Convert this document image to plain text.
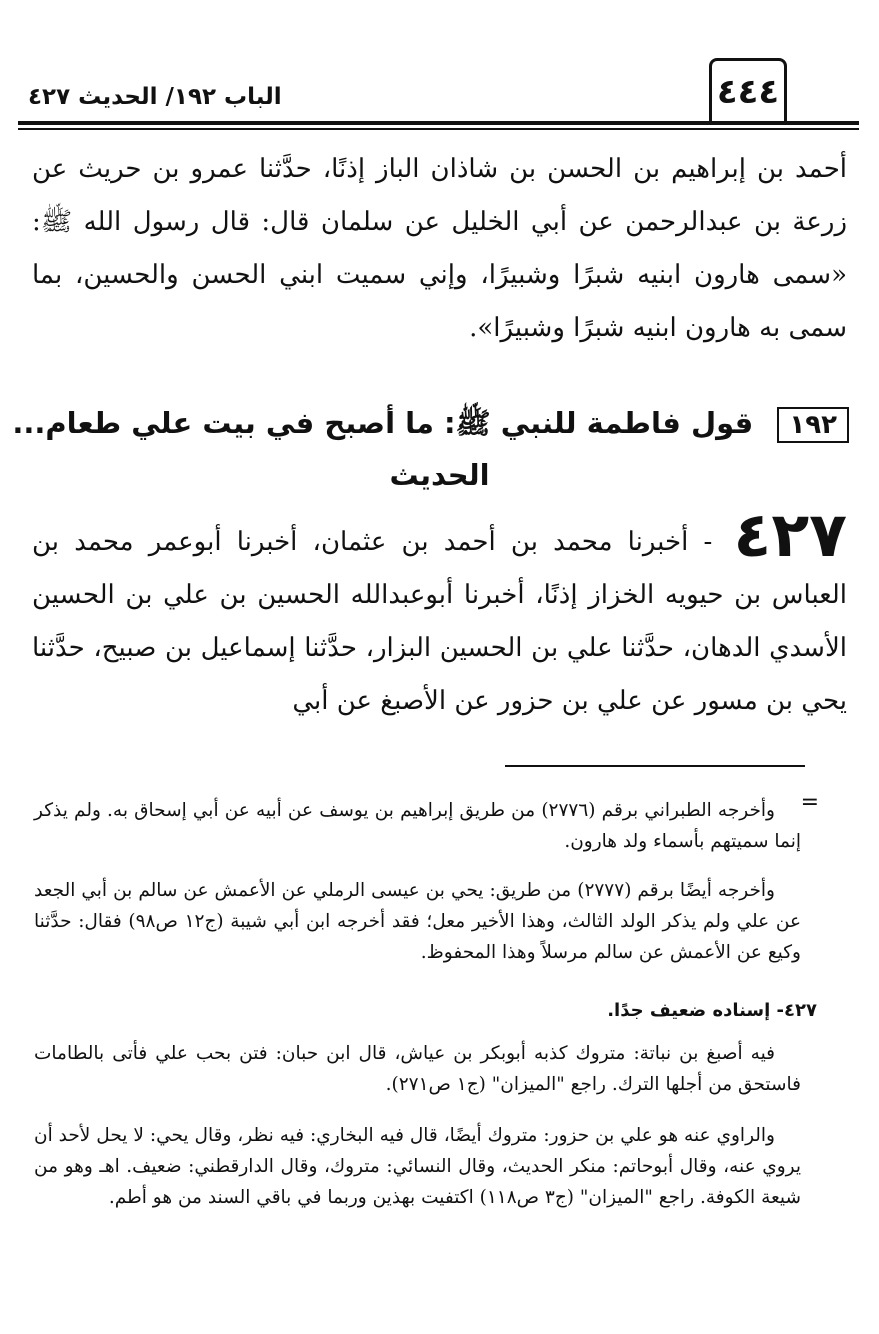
٤٤٤
الباب ١٩٢/ الحديث ٤٢٧
أحمد بن إبراهيم بن الحسن بن شاذان الباز إذنًا، حدَّثنا عمرو بن حريث عن زرعة بن عبدالرحمن عن أبي الخليل عن سلمان قال: قال رسول الله ﷺ: «سمى هارون ابنيه شبرًا وشبيرًا، وإني سميت ابني الحسن والحسين، بما سمى به هارون ابنيه شبرًا وشبيرًا».
١٩٢ قول فاطمة للنبي ﷺ: ما أصبح في بيت علي طعام...
الحديث
٤٢٧ - أخبرنا محمد بن أحمد بن عثمان، أخبرنا أبوعمر محمد بن العباس بن حيويه الخزاز إذنًا، أخبرنا أبوعبدالله الحسين بن علي بن الحسين الأسدي الدهان، حدَّثنا علي بن الحسين البزار، حدَّثنا إسماعيل بن صبيح، حدَّثنا يحي بن مسور عن علي بن حزور عن الأصبغ عن أبي
=
وأخرجه الطبراني برقم (٢٧٧٦) من طريق إبراهيم بن يوسف عن أبيه عن أبي إسحاق به. ولم يذكر إنما سميتهم بأسماء ولد هارون.
وأخرجه أيضًا برقم (٢٧٧٧) من طريق: يحي بن عيسى الرملي عن الأعمش عن سالم بن أبي الجعد عن علي ولم يذكر الولد الثالث، وهذا الأخير معل؛ فقد أخرجه ابن أبي شيبة (ج١٢ ص٩٨) فقال: حدَّثنا وكيع عن الأعمش عن سالم مرسلاً وهذا المحفوظ.
٤٢٧- إسناده ضعيف جدًا.
فيه أصبغ بن نباتة: متروك كذبه أبوبكر بن عياش، قال ابن حبان: فتن بحب علي فأتى بالطامات فاستحق من أجلها الترك. راجع "الميزان" (ج١ ص٢٧١).
والراوي عنه هو علي بن حزور: متروك أيضًا، قال فيه البخاري: فيه نظر، وقال يحي: لا يحل لأحد أن يروي عنه، وقال أبوحاتم: منكر الحديث، وقال النسائي: متروك، وقال الدارقطني: ضعيف. اهـ وهو من شيعة الكوفة. راجع "الميزان" (ج٣ ص١١٨) اكتفيت بهذين وربما في باقي السند من هو أطم.
